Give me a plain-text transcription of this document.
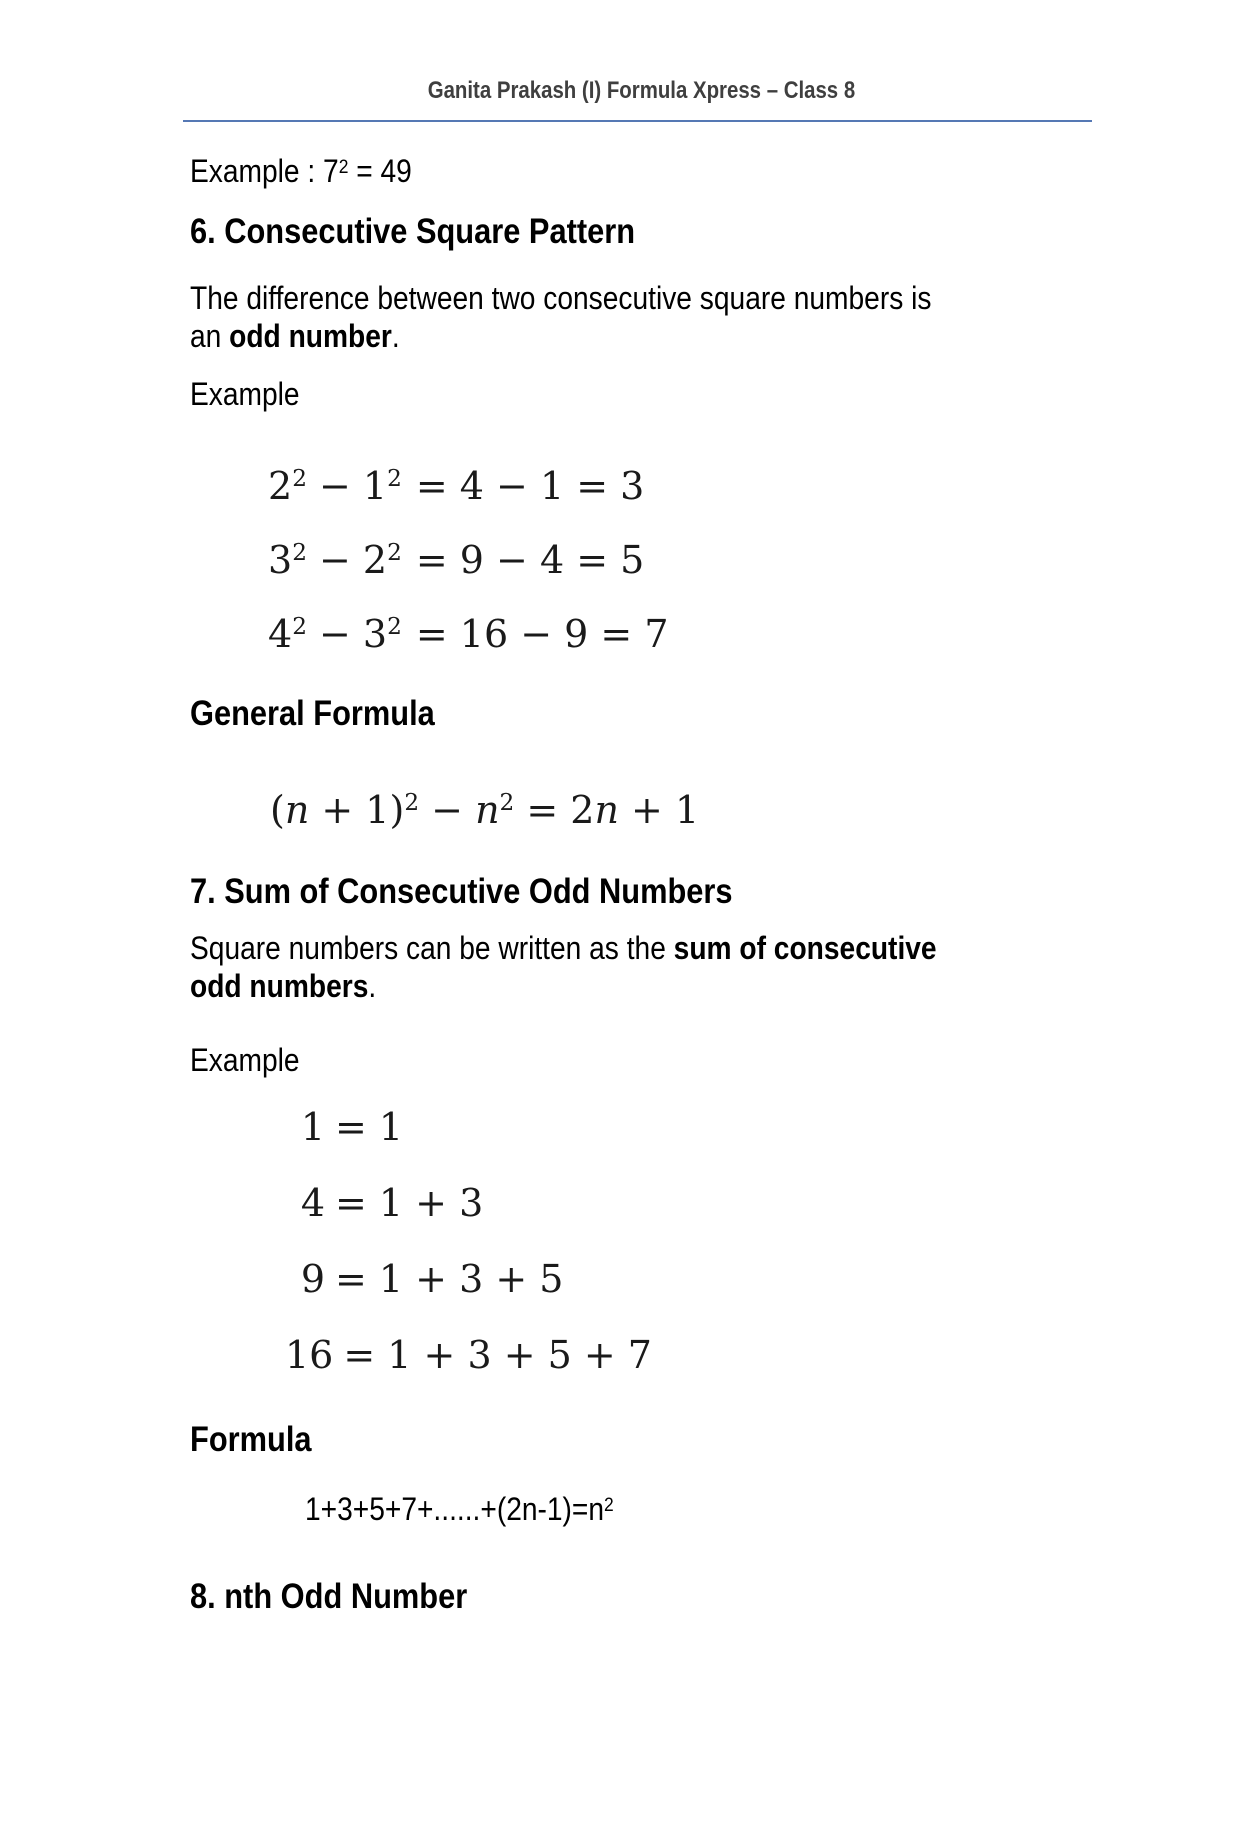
Ganita Prakash (I) Formula Xpress – Class 8
Example : $7^2 = 49$
6. Consecutive Square Pattern
The difference between two consecutive square numbers is
an odd number.
Example
$2^2 - 1^2 = 4 - 1 = 3$
$3^2 - 2^2 = 9 - 4 = 5$
$4^2 - 3^2 = 16 - 9 = 7$
General Formula
$(n + 1)^2 - n^2 = 2n + 1$
7. Sum of Consecutive Odd Numbers
Square numbers can be written as the sum of consecutive
odd numbers.
Example
1 = 1
4 = 1 + 3
9 = 1 + 3 + 5
16 = 1 + 3 + 5 + 7
Formula
$1+3+5+7+......+(2n-1)=n^2$
8. nth Odd Number
